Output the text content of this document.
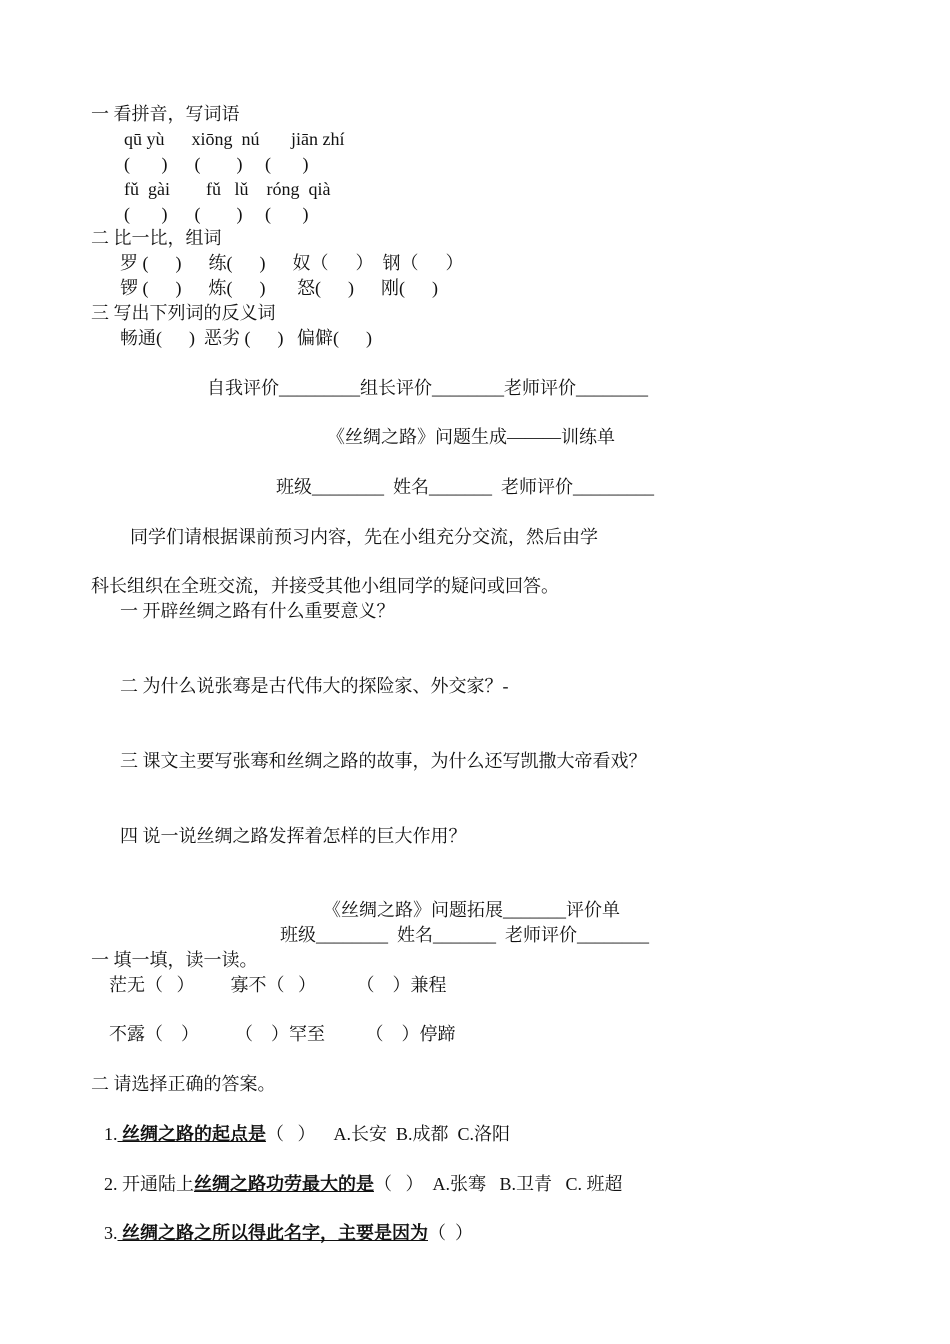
一 看拼音，写词语
qū yù      xiōng  nú       jiān zhí
(       )      (        )     (       )
fǔ  gài        fǔ   lǔ    róng  qià
(       )      (        )     (       )
二 比一比，组词
罗 (      )      练(      )      奴（      ）  钢（      ）
锣 (      )      炼(      )       怒(      )      刚(      )
三 写出下列词的反义词
畅通(      )  恶劣 (      )   偏僻(      )
自我评价_________组长评价________老师评价________
《丝绸之路》问题生成———训练单
班级________  姓名_______  老师评价_________
同学们请根据课前预习内容，先在小组充分交流，然后由学
科长组织在全班交流，并接受其他小组同学的疑问或回答。
一 开辟丝绸之路有什么重要意义？
二 为什么说张骞是古代伟大的探险家、外交家？-
三 课文主要写张骞和丝绸之路的故事，为什么还写凯撒大帝看戏？
四 说一说丝绸之路发挥着怎样的巨大作用？
《丝绸之路》问题拓展_______评价单
班级________  姓名_______  老师评价________
一 填一填，读一读。
茫无（   ）        寡不（   ）         （    ）兼程
不露（    ）        （    ）罕至         （    ）停蹄
二 请选择正确的答案。
1. 丝绸之路的起点是（   ）    A.长安  B.成都  C.洛阳
2. 开通陆上丝绸之路功劳最大的是（   ）  A.张骞   B.卫青   C. 班超
3. 丝绸之路之所以得此名字，主要是因为（  ）
